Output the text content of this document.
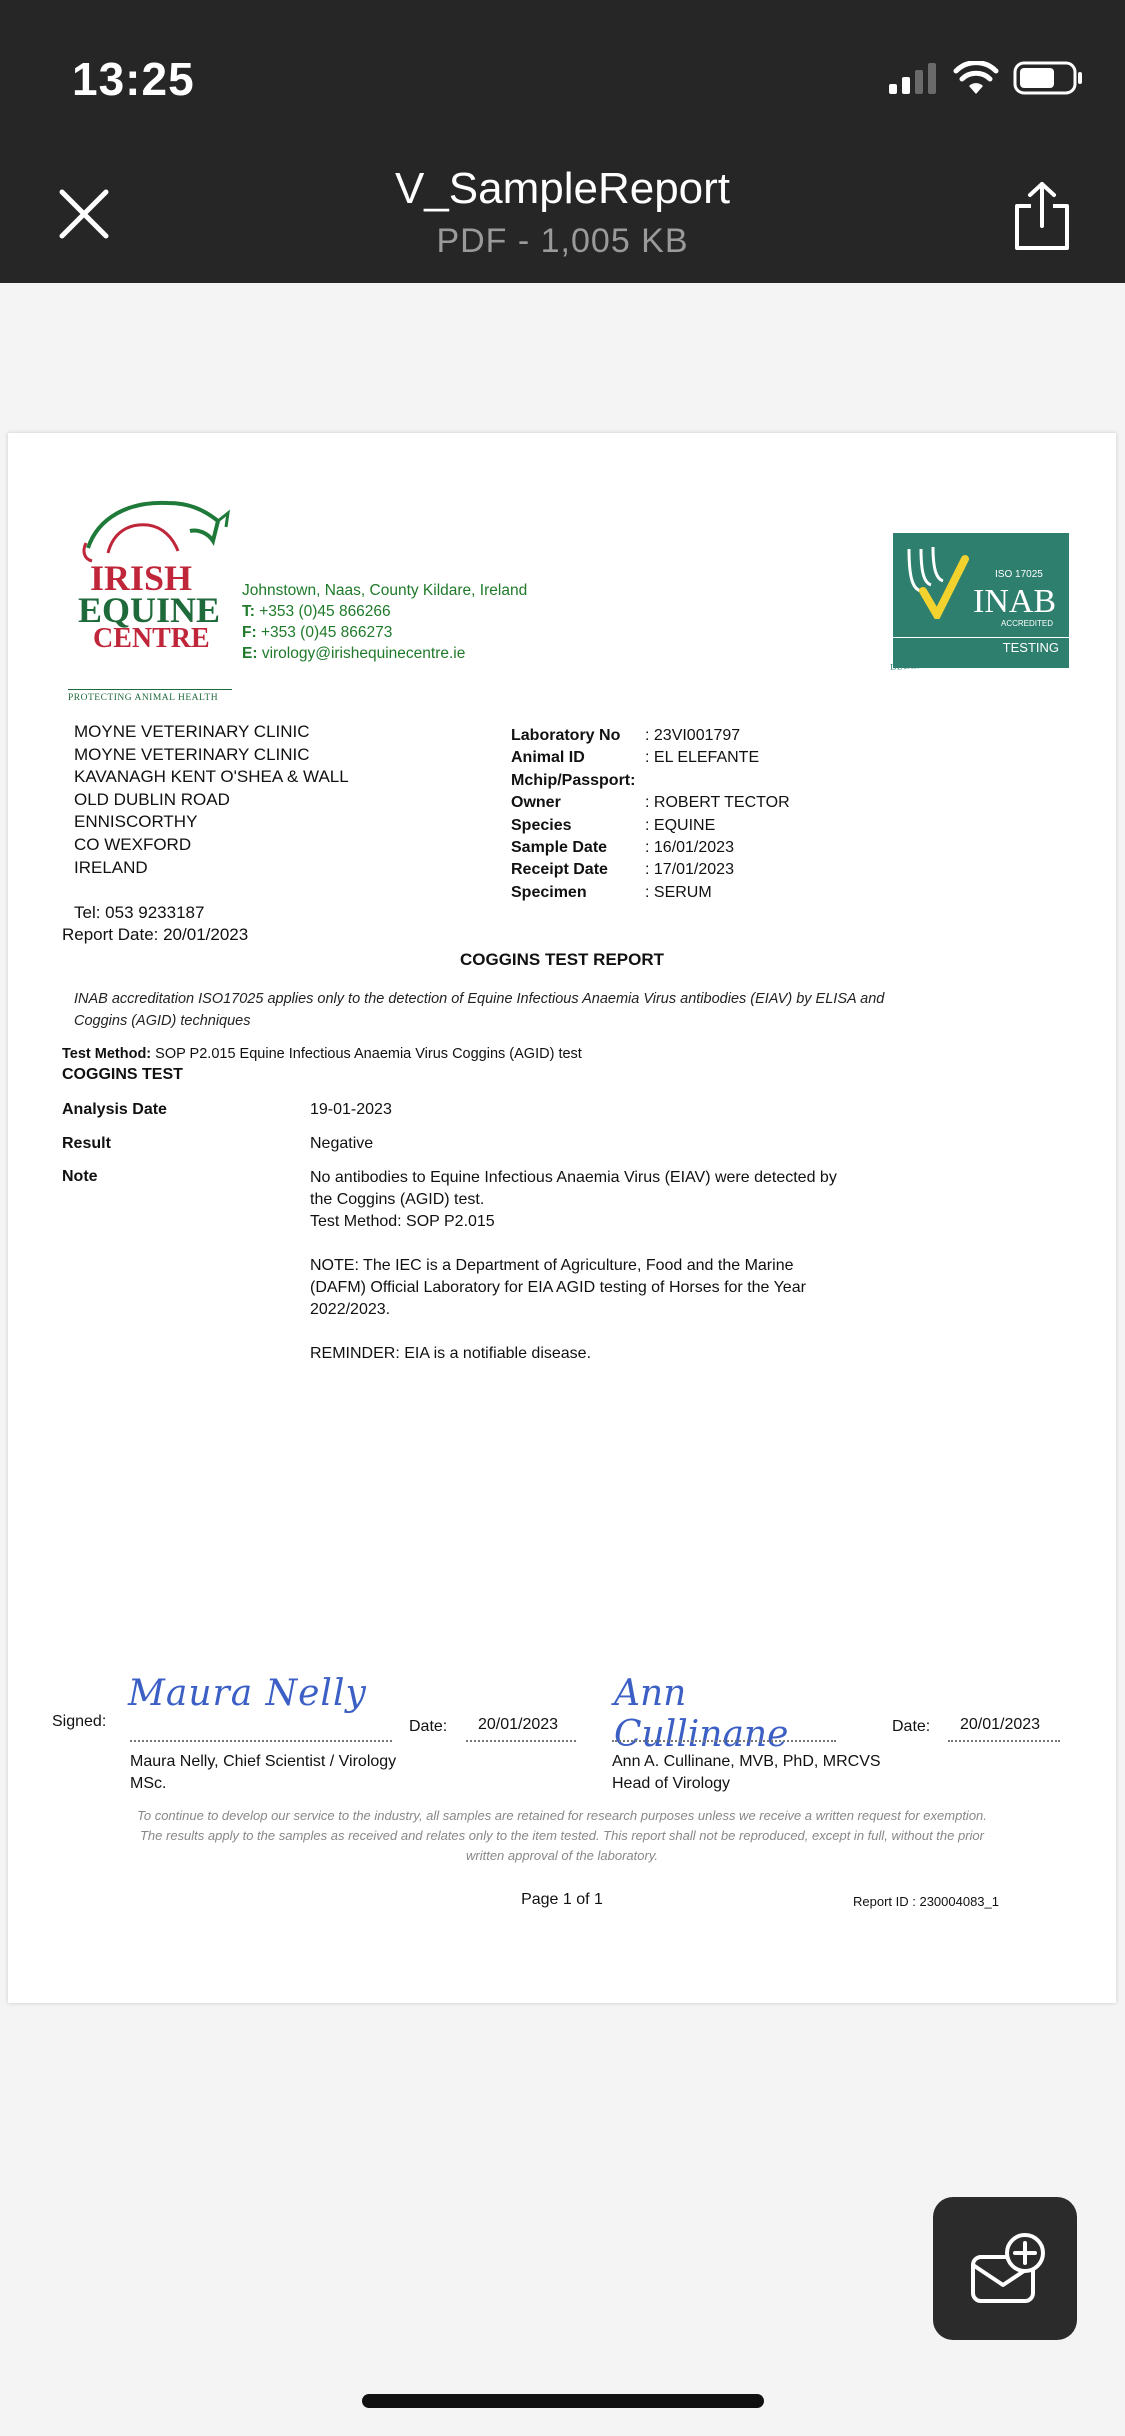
13:25
V_SampleReport
PDF - 1,005 KB
IRISH
EQUINE
CENTRE
PROTECTING ANIMAL HEALTH
Johnstown, Naas, County Kildare, Ireland
T: +353 (0)45 866266
F: +353 (0)45 866273
E: virology@irishequinecentre.ie
ISO 17025
INAB
ACCREDITED
TESTING
DETAILED IN SCOPE REG NO. 151T
MOYNE VETERINARY CLINIC
MOYNE VETERINARY CLINIC
KAVANAGH KENT O'SHEA & WALL
OLD DUBLIN ROAD
ENNISCORTHY
CO WEXFORD
IRELAND
Tel: 053 9233187
Report Date: 20/01/2023
Laboratory No	: 23VI001797
Animal ID	: EL ELEFANTE
Mchip/Passport:
Owner	: ROBERT TECTOR
Species	: EQUINE
Sample Date	: 16/01/2023
Receipt Date	: 17/01/2023
Specimen	: SERUM
COGGINS TEST REPORT
INAB accreditation ISO17025 applies only to the detection of Equine Infectious Anaemia Virus antibodies (EIAV) by ELISA and
Coggins (AGID) techniques
Test Method: SOP P2.015 Equine Infectious Anaemia Virus Coggins (AGID) test
COGGINS TEST
Analysis Date	19-01-2023
Result	Negative
Note	No antibodies to Equine Infectious Anaemia Virus (EIAV) were detected by
the Coggins (AGID) test.
Test Method: SOP P2.015
NOTE: The IEC is a Department of Agriculture, Food and the Marine
(DAFM) Official Laboratory for EIA AGID testing of Horses for the Year
2022/2023.
REMINDER: EIA is a notifiable disease.
Signed:
Maura Nelly
Date: 20/01/2023
Maura Nelly, Chief Scientist / Virology
MSc.
Ann Cullinane	Date: 20/01/2023
Ann A. Cullinane, MVB, PhD, MRCVS
Head of Virology
To continue to develop our service to the industry, all samples are retained for research purposes unless we receive a written request for exemption.
The results apply to the samples as received and relates only to the item tested. This report shall not be reproduced, except in full, without the prior
written approval of the laboratory.
Page 1 of 1	Report ID : 230004083_1
